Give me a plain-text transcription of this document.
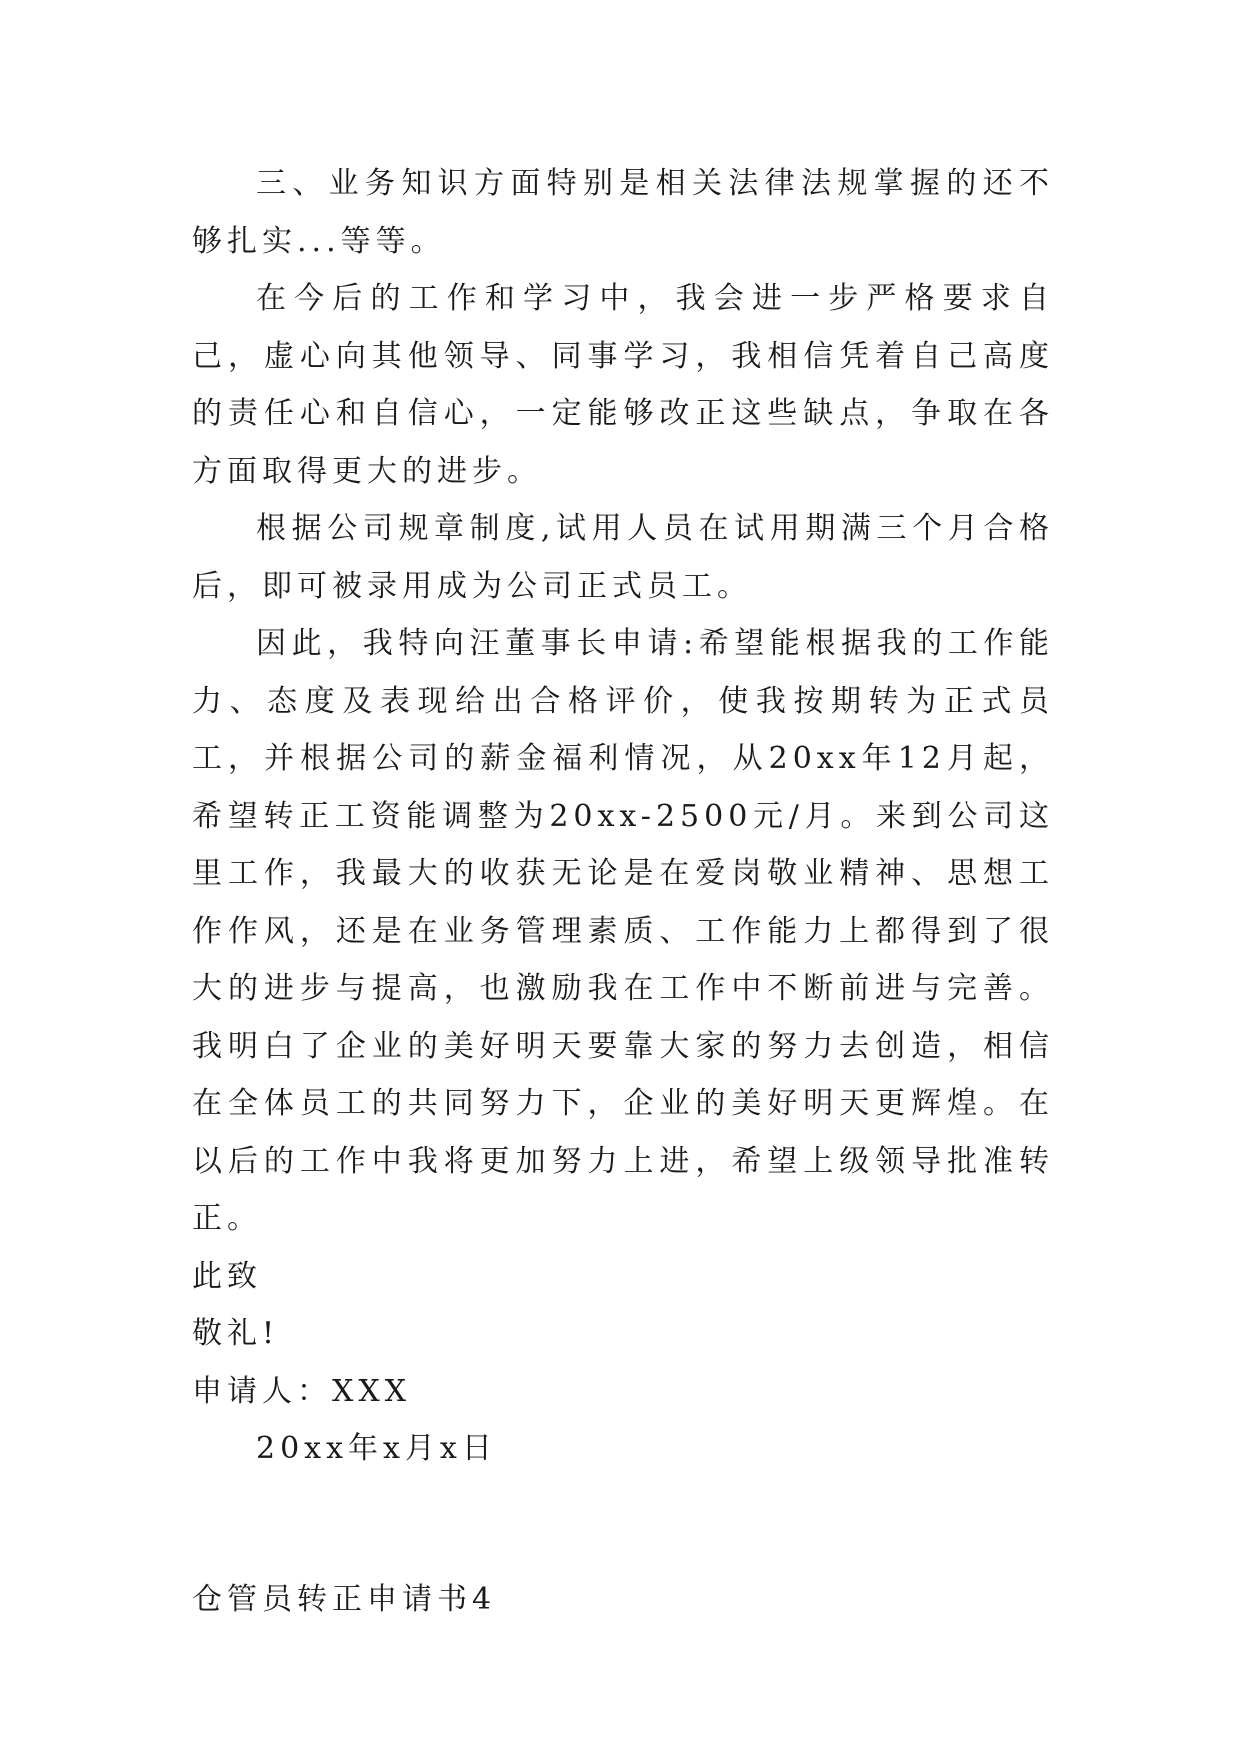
三、业务知识方面特别是相关法律法规掌握的还不够扎实...等等。

在今后的工作和学习中，我会进一步严格要求自己，虚心向其他领导、同事学习，我相信凭着自己高度的责任心和自信心，一定能够改正这些缺点，争取在各方面取得更大的进步。

根据公司规章制度,试用人员在试用期满三个月合格后，即可被录用成为公司正式员工。

因此，我特向汪董事长申请:希望能根据我的工作能力、态度及表现给出合格评价，使我按期转为正式员工，并根据公司的薪金福利情况，从20xx年12月起，希望转正工资能调整为20xx-2500元/月。来到公司这里工作，我最大的收获无论是在爱岗敬业精神、思想工作作风，还是在业务管理素质、工作能力上都得到了很大的进步与提高，也激励我在工作中不断前进与完善。我明白了企业的美好明天要靠大家的努力去创造，相信在全体员工的共同努力下，企业的美好明天更辉煌。在以后的工作中我将更加努力上进，希望上级领导批准转正。

此致

敬礼!

申请人：XXX

20xx年x月x日

仓管员转正申请书4
